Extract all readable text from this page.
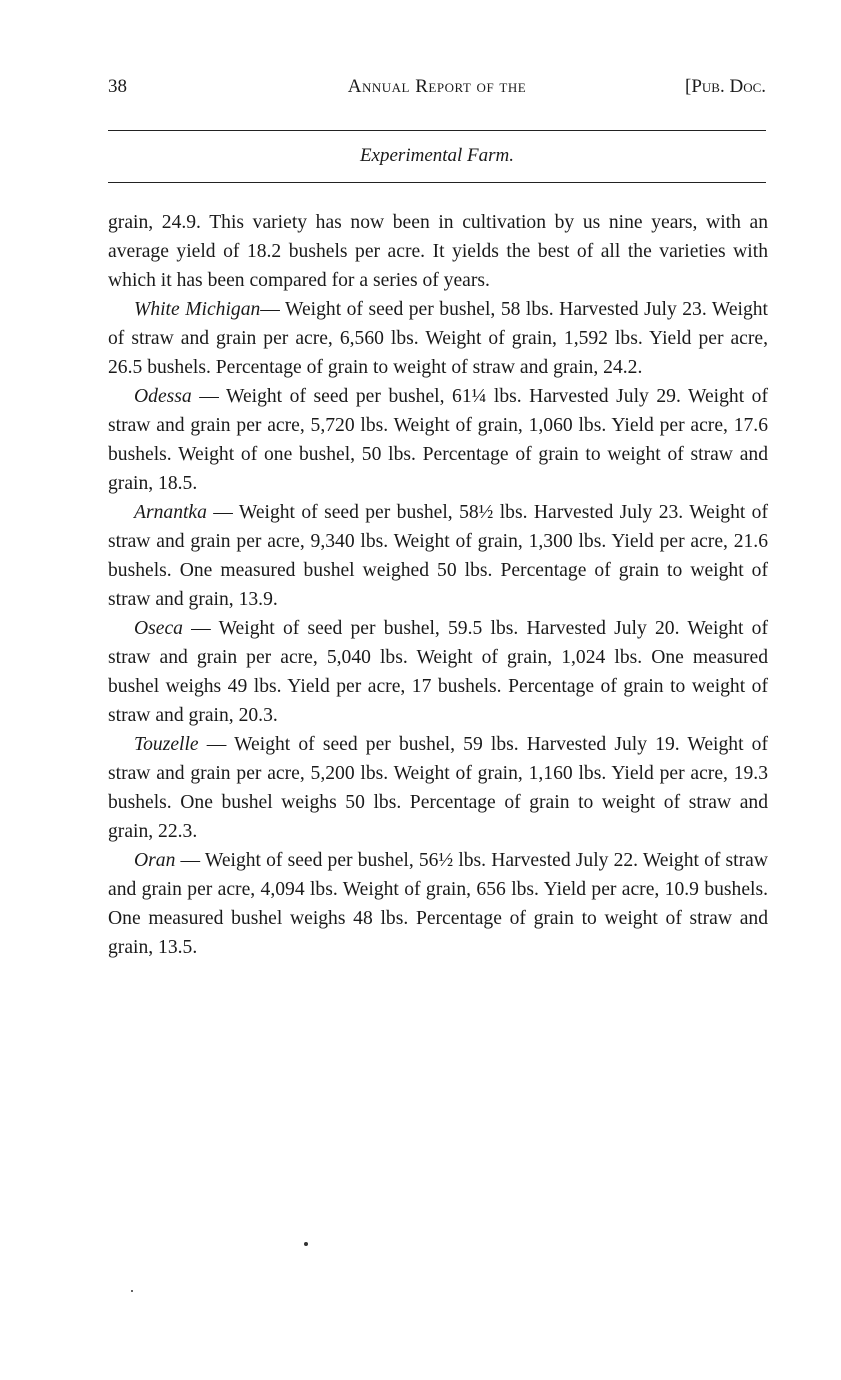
38	Annual Report of the	[Pub. Doc.
Experimental Farm.

grain, 24.9. This variety has now been in cultivation by us nine years, with an average yield of 18.2 bushels per acre. It yields the best of all the varieties with which it has been compared for a series of years.

White Michigan— Weight of seed per bushel, 58 lbs. Harvested July 23. Weight of straw and grain per acre, 6,560 lbs. Weight of grain, 1,592 lbs. Yield per acre, 26.5 bushels. Percentage of grain to weight of straw and grain, 24.2.

Odessa — Weight of seed per bushel, 61¼ lbs. Harvested July 29. Weight of straw and grain per acre, 5,720 lbs. Weight of grain, 1,060 lbs. Yield per acre, 17.6 bushels. Weight of one bushel, 50 lbs. Percentage of grain to weight of straw and grain, 18.5.

Arnantka — Weight of seed per bushel, 58½ lbs. Harvested July 23. Weight of straw and grain per acre, 9,340 lbs. Weight of grain, 1,300 lbs. Yield per acre, 21.6 bushels. One measured bushel weighed 50 lbs. Percentage of grain to weight of straw and grain, 13.9.

Oseca — Weight of seed per bushel, 59.5 lbs. Harvested July 20. Weight of straw and grain per acre, 5,040 lbs. Weight of grain, 1,024 lbs. One measured bushel weighs 49 lbs. Yield per acre, 17 bushels. Percentage of grain to weight of straw and grain, 20.3.

Touzelle — Weight of seed per bushel, 59 lbs. Harvested July 19. Weight of straw and grain per acre, 5,200 lbs. Weight of grain, 1,160 lbs. Yield per acre, 19.3 bushels. One bushel weighs 50 lbs. Percentage of grain to weight of straw and grain, 22.3.

Oran — Weight of seed per bushel, 56½ lbs. Harvested July 22. Weight of straw and grain per acre, 4,094 lbs. Weight of grain, 656 lbs. Yield per acre, 10.9 bushels. One measured bushel weighs 48 lbs. Percentage of grain to weight of straw and grain, 13.5.
